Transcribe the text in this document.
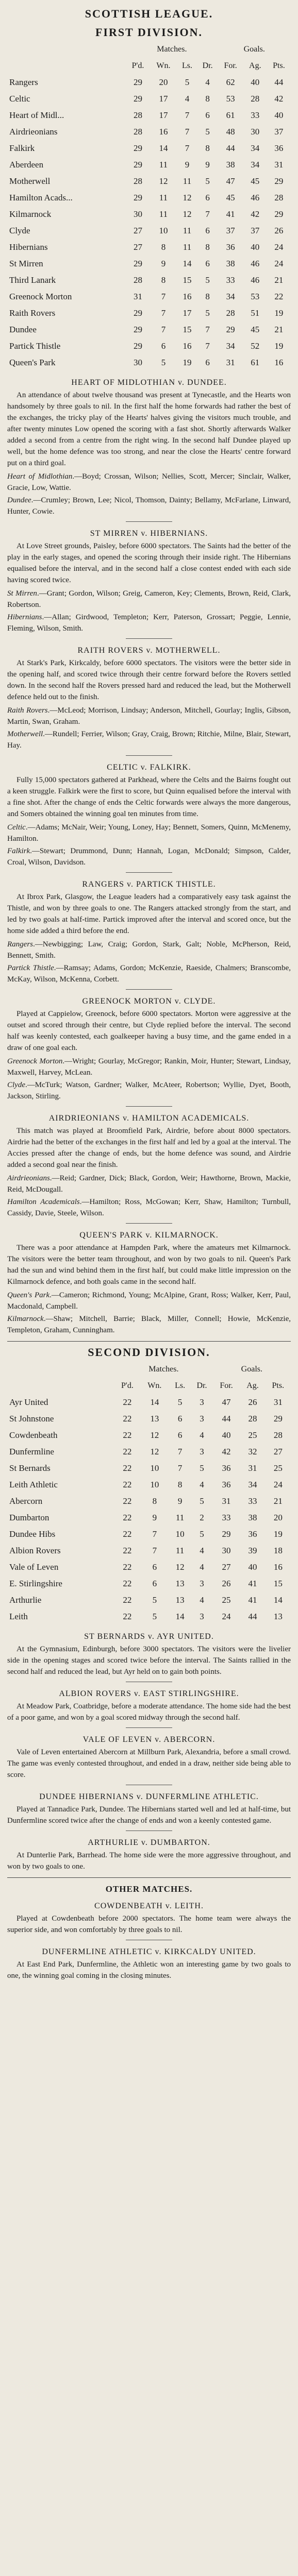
SCOTTISH LEAGUE.
FIRST DIVISION.
	Matches.				Goals.		
	P'd.	Wn.	Ls.	Dr.	For.	Ag.	Pts.
Rangers	29	20	5	4	62	40	44
Celtic	29	17	4	8	53	28	42
Heart of Midl...	28	17	7	6	61	33	40
Airdrieonians	28	16	7	5	48	30	37
Falkirk	29	14	7	8	44	34	36
Aberdeen	29	11	9	9	38	34	31
Motherwell	28	12	11	5	47	45	29
Hamilton Acads...	29	11	12	6	45	46	28
Kilmarnock	30	11	12	7	41	42	29
Clyde	27	10	11	6	37	37	26
Hibernians	27	8	11	8	36	40	24
St Mirren	29	9	14	6	38	46	24
Third Lanark	28	8	15	5	33	46	21
Greenock Morton	31	7	16	8	34	53	22
Raith Rovers	29	7	17	5	28	51	19
Dundee	29	7	15	7	29	45	21
Partick Thistle	29	6	16	7	34	52	19
Queen's Park	30	5	19	6	31	61	16
HEART OF MIDLOTHIAN v. DUNDEE.

An attendance of about twelve thousand was present at Tynecastle, and the Hearts won handsomely by three goals to nil. In the first half the home forwards had rather the best of the exchanges, the tricky play of the Hearts' halves giving the visitors much trouble, and after twenty minutes Low opened the scoring with a fast shot. Shortly afterwards Walker added a second from a centre from the right wing. In the second half Dundee played up well, but the home defence was too strong, and near the close the Hearts' centre forward put on a third goal.

Heart of Midlothian.—Boyd; Crossan, Wilson; Nellies, Scott, Mercer; Sinclair, Walker, Gracie, Low, Wattie.

Dundee.—Crumley; Brown, Lee; Nicol, Thomson, Dainty; Bellamy, McFarlane, Linward, Hunter, Cowie.

ST MIRREN v. HIBERNIANS.

At Love Street grounds, Paisley, before 6000 spectators. The Saints had the better of the play in the early stages, and opened the scoring through their inside right. The Hibernians equalised before the interval, and in the second half a close contest ended with each side having scored twice.

St Mirren.—Grant; Gordon, Wilson; Greig, Cameron, Key; Clements, Brown, Reid, Clark, Robertson.

Hibernians.—Allan; Girdwood, Templeton; Kerr, Paterson, Grossart; Peggie, Lennie, Fleming, Wilson, Smith.

RAITH ROVERS v. MOTHERWELL.

At Stark's Park, Kirkcaldy, before 6000 spectators. The visitors were the better side in the opening half, and scored twice through their centre forward before the Rovers settled down. In the second half the Rovers pressed hard and reduced the lead, but the Motherwell defence held out to the finish.

Raith Rovers.—McLeod; Morrison, Lindsay; Anderson, Mitchell, Gourlay; Inglis, Gibson, Martin, Swan, Graham.

Motherwell.—Rundell; Ferrier, Wilson; Gray, Craig, Brown; Ritchie, Milne, Blair, Stewart, Hay.

CELTIC v. FALKIRK.

Fully 15,000 spectators gathered at Parkhead, where the Celts and the Bairns fought out a keen struggle. Falkirk were the first to score, but Quinn equalised before the interval with a fine shot. After the change of ends the Celtic forwards were always the more dangerous, and Somers obtained the winning goal ten minutes from time.

Celtic.—Adams; McNair, Weir; Young, Loney, Hay; Bennett, Somers, Quinn, McMenemy, Hamilton.

Falkirk.—Stewart; Drummond, Dunn; Hannah, Logan, McDonald; Simpson, Calder, Croal, Wilson, Davidson.

RANGERS v. PARTICK THISTLE.

At Ibrox Park, Glasgow, the League leaders had a comparatively easy task against the Thistle, and won by three goals to one. The Rangers attacked strongly from the start, and led by two goals at half-time. Partick improved after the interval and scored once, but the home side added a third before the end.

Rangers.—Newbigging; Law, Craig; Gordon, Stark, Galt; Noble, McPherson, Reid, Bennett, Smith.

Partick Thistle.—Ramsay; Adams, Gordon; McKenzie, Raeside, Chalmers; Branscombe, McKay, Wilson, McKenna, Corbett.

GREENOCK MORTON v. CLYDE.

Played at Cappielow, Greenock, before 6000 spectators. Morton were aggressive at the outset and scored through their centre, but Clyde replied before the interval. The second half was keenly contested, each goalkeeper having a busy time, and the game ended in a draw of one goal each.

Greenock Morton.—Wright; Gourlay, McGregor; Rankin, Moir, Hunter; Stewart, Lindsay, Maxwell, Harvey, McLean.

Clyde.—McTurk; Watson, Gardner; Walker, McAteer, Robertson; Wyllie, Dyet, Booth, Jackson, Stirling.

AIRDRIEONIANS v. HAMILTON ACADEMICALS.

This match was played at Broomfield Park, Airdrie, before about 8000 spectators. Airdrie had the better of the exchanges in the first half and led by a goal at the interval. The Accies pressed after the change of ends, but the home defence was sound, and Airdrie added a second goal near the finish.

Airdrieonians.—Reid; Gardner, Dick; Black, Gordon, Weir; Hawthorne, Brown, Mackie, Reid, McDougall.

Hamilton Academicals.—Hamilton; Ross, McGowan; Kerr, Shaw, Hamilton; Turnbull, Cassidy, Davie, Steele, Wilson.

QUEEN'S PARK v. KILMARNOCK.

There was a poor attendance at Hampden Park, where the amateurs met Kilmarnock. The visitors were the better team throughout, and won by two goals to nil. Queen's Park had the sun and wind behind them in the first half, but could make little impression on the Kilmarnock defence, and both goals came in the second half.

Queen's Park.—Cameron; Richmond, Young; McAlpine, Grant, Ross; Walker, Kerr, Paul, Macdonald, Campbell.

Kilmarnock.—Shaw; Mitchell, Barrie; Black, Miller, Connell; Howie, McKenzie, Templeton, Graham, Cunningham.

SECOND DIVISION.
	Matches.				Goals.		
	P'd.	Wn.	Ls.	Dr.	For.	Ag.	Pts.
Ayr United	22	14	5	3	47	26	31
St Johnstone	22	13	6	3	44	28	29
Cowdenbeath	22	12	6	4	40	25	28
Dunfermline	22	12	7	3	42	32	27
St Bernards	22	10	7	5	36	31	25
Leith Athletic	22	10	8	4	36	34	24
Abercorn	22	8	9	5	31	33	21
Dumbarton	22	9	11	2	33	38	20
Dundee Hibs	22	7	10	5	29	36	19
Albion Rovers	22	7	11	4	30	39	18
Vale of Leven	22	6	12	4	27	40	16
E. Stirlingshire	22	6	13	3	26	41	15
Arthurlie	22	5	13	4	25	41	14
Leith	22	5	14	3	24	44	13
ST BERNARDS v. AYR UNITED.

At the Gymnasium, Edinburgh, before 3000 spectators. The visitors were the livelier side in the opening stages and scored twice before the interval. The Saints rallied in the second half and reduced the lead, but Ayr held on to gain both points.

ALBION ROVERS v. EAST STIRLINGSHIRE.

At Meadow Park, Coatbridge, before a moderate attendance. The home side had the best of a poor game, and won by a goal scored midway through the second half.

VALE OF LEVEN v. ABERCORN.

Vale of Leven entertained Abercorn at Millburn Park, Alexandria, before a small crowd. The game was evenly contested throughout, and ended in a draw, neither side being able to score.

DUNDEE HIBERNIANS v. DUNFERMLINE ATHLETIC.

Played at Tannadice Park, Dundee. The Hibernians started well and led at half-time, but Dunfermline scored twice after the change of ends and won a keenly contested game.

ARTHURLIE v. DUMBARTON.

At Dunterlie Park, Barrhead. The home side were the more aggressive throughout, and won by two goals to one.

OTHER MATCHES.
COWDENBEATH v. LEITH.

Played at Cowdenbeath before 2000 spectators. The home team were always the superior side, and won comfortably by three goals to nil.

DUNFERMLINE ATHLETIC v. KIRKCALDY UNITED.

At East End Park, Dunfermline, the Athletic won an interesting game by two goals to one, the winning goal coming in the closing minutes.
